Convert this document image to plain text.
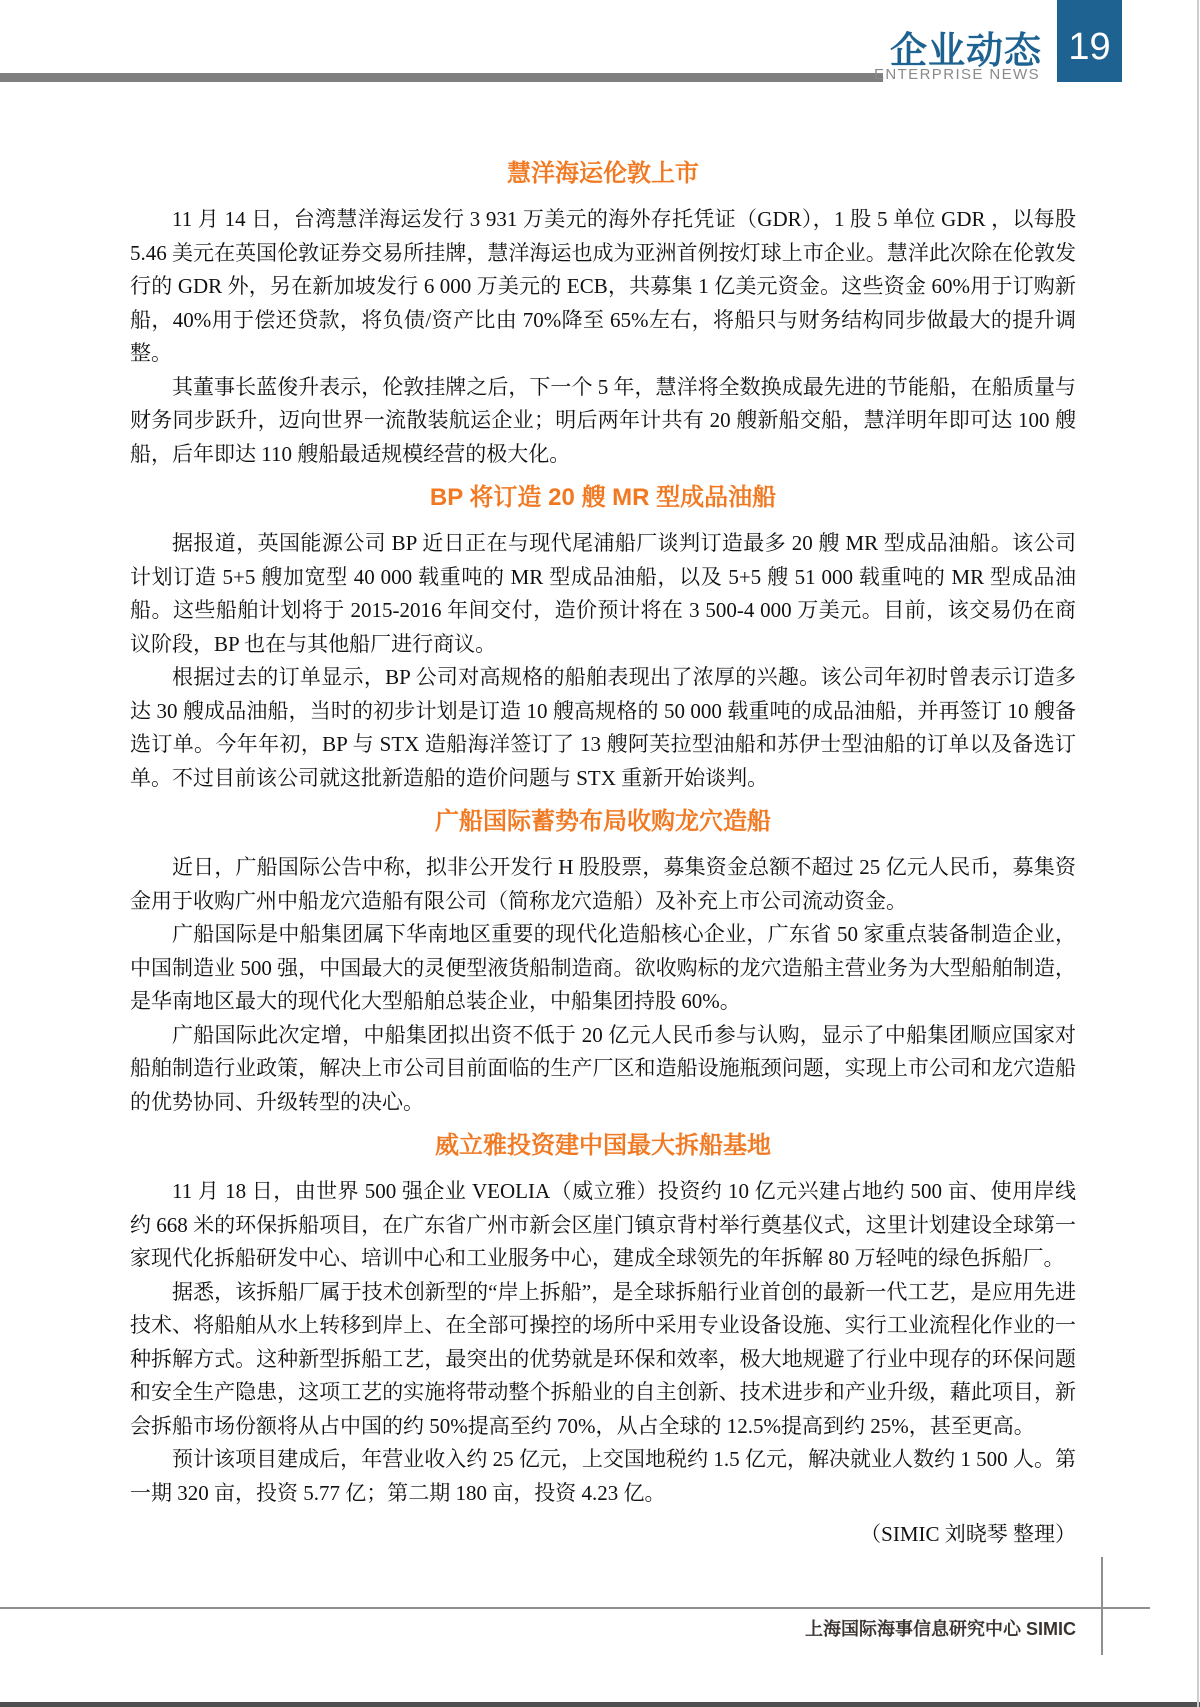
企业动态
ENTERPRISE NEWS
19
慧洋海运伦敦上市

11 月 14 日，台湾慧洋海运发行 3 931 万美元的海外存托凭证（GDR），1 股 5 单位 GDR ，以每股 5.46 美元在英国伦敦证券交易所挂牌，慧洋海运也成为亚洲首例按灯球上市企业。慧洋此次除在伦敦发行的 GDR 外，另在新加坡发行 6 000 万美元的 ECB，共募集 1 亿美元资金。这些资金 60%用于订购新船，40%用于偿还贷款，将负债/资产比由 70%降至 65%左右，将船只与财务结构同步做最大的提升调整。

其董事长蓝俊升表示，伦敦挂牌之后，下一个 5 年，慧洋将全数换成最先进的节能船，在船质量与财务同步跃升，迈向世界一流散装航运企业；明后两年计共有 20 艘新船交船，慧洋明年即可达 100 艘船，后年即达 110 艘船最适规模经营的极大化。

BP 将订造 20 艘 MR 型成品油船

据报道，英国能源公司 BP 近日正在与现代尾浦船厂谈判订造最多 20 艘 MR 型成品油船。该公司计划订造 5+5 艘加宽型 40 000 载重吨的 MR 型成品油船，以及 5+5 艘 51 000 载重吨的 MR 型成品油船。这些船舶计划将于 2015-2016 年间交付，造价预计将在 3 500-4 000 万美元。目前，该交易仍在商议阶段，BP 也在与其他船厂进行商议。

根据过去的订单显示，BP 公司对高规格的船舶表现出了浓厚的兴趣。该公司年初时曾表示订造多达 30 艘成品油船，当时的初步计划是订造 10 艘高规格的 50 000 载重吨的成品油船，并再签订 10 艘备选订单。今年年初，BP 与 STX 造船海洋签订了 13 艘阿芙拉型油船和苏伊士型油船的订单以及备选订单。不过目前该公司就这批新造船的造价问题与 STX 重新开始谈判。

广船国际蓄势布局收购龙穴造船

近日，广船国际公告中称，拟非公开发行 H 股股票，募集资金总额不超过 25 亿元人民币，募集资金用于收购广州中船龙穴造船有限公司（简称龙穴造船）及补充上市公司流动资金。

广船国际是中船集团属下华南地区重要的现代化造船核心企业，广东省 50 家重点装备制造企业，中国制造业 500 强，中国最大的灵便型液货船制造商。欲收购标的龙穴造船主营业务为大型船舶制造，是华南地区最大的现代化大型船舶总装企业，中船集团持股 60%。

广船国际此次定增，中船集团拟出资不低于 20 亿元人民币参与认购，显示了中船集团顺应国家对船舶制造行业政策，解决上市公司目前面临的生产厂区和造船设施瓶颈问题，实现上市公司和龙穴造船的优势协同、升级转型的决心。

威立雅投资建中国最大拆船基地

11 月 18 日，由世界 500 强企业 VEOLIA（威立雅）投资约 10 亿元兴建占地约 500 亩、使用岸线约 668 米的环保拆船项目，在广东省广州市新会区崖门镇京背村举行奠基仪式，这里计划建设全球第一家现代化拆船研发中心、培训中心和工业服务中心，建成全球领先的年拆解 80 万轻吨的绿色拆船厂。

据悉，该拆船厂属于技术创新型的“岸上拆船”，是全球拆船行业首创的最新一代工艺，是应用先进技术、将船舶从水上转移到岸上、在全部可操控的场所中采用专业设备设施、实行工业流程化作业的一种拆解方式。这种新型拆船工艺，最突出的优势就是环保和效率，极大地规避了行业中现存的环保问题和安全生产隐患，这项工艺的实施将带动整个拆船业的自主创新、技术进步和产业升级，藉此项目，新会拆船市场份额将从占中国的约 50%提高至约 70%，从占全球的 12.5%提高到约 25%，甚至更高。

预计该项目建成后，年营业收入约 25 亿元，上交国地税约 1.5 亿元，解决就业人数约 1 500 人。第一期 320 亩，投资 5.77 亿；第二期 180 亩，投资 4.23 亿。

（SIMIC 刘晓琴 整理）

上海国际海事信息研究中心 SIMIC
